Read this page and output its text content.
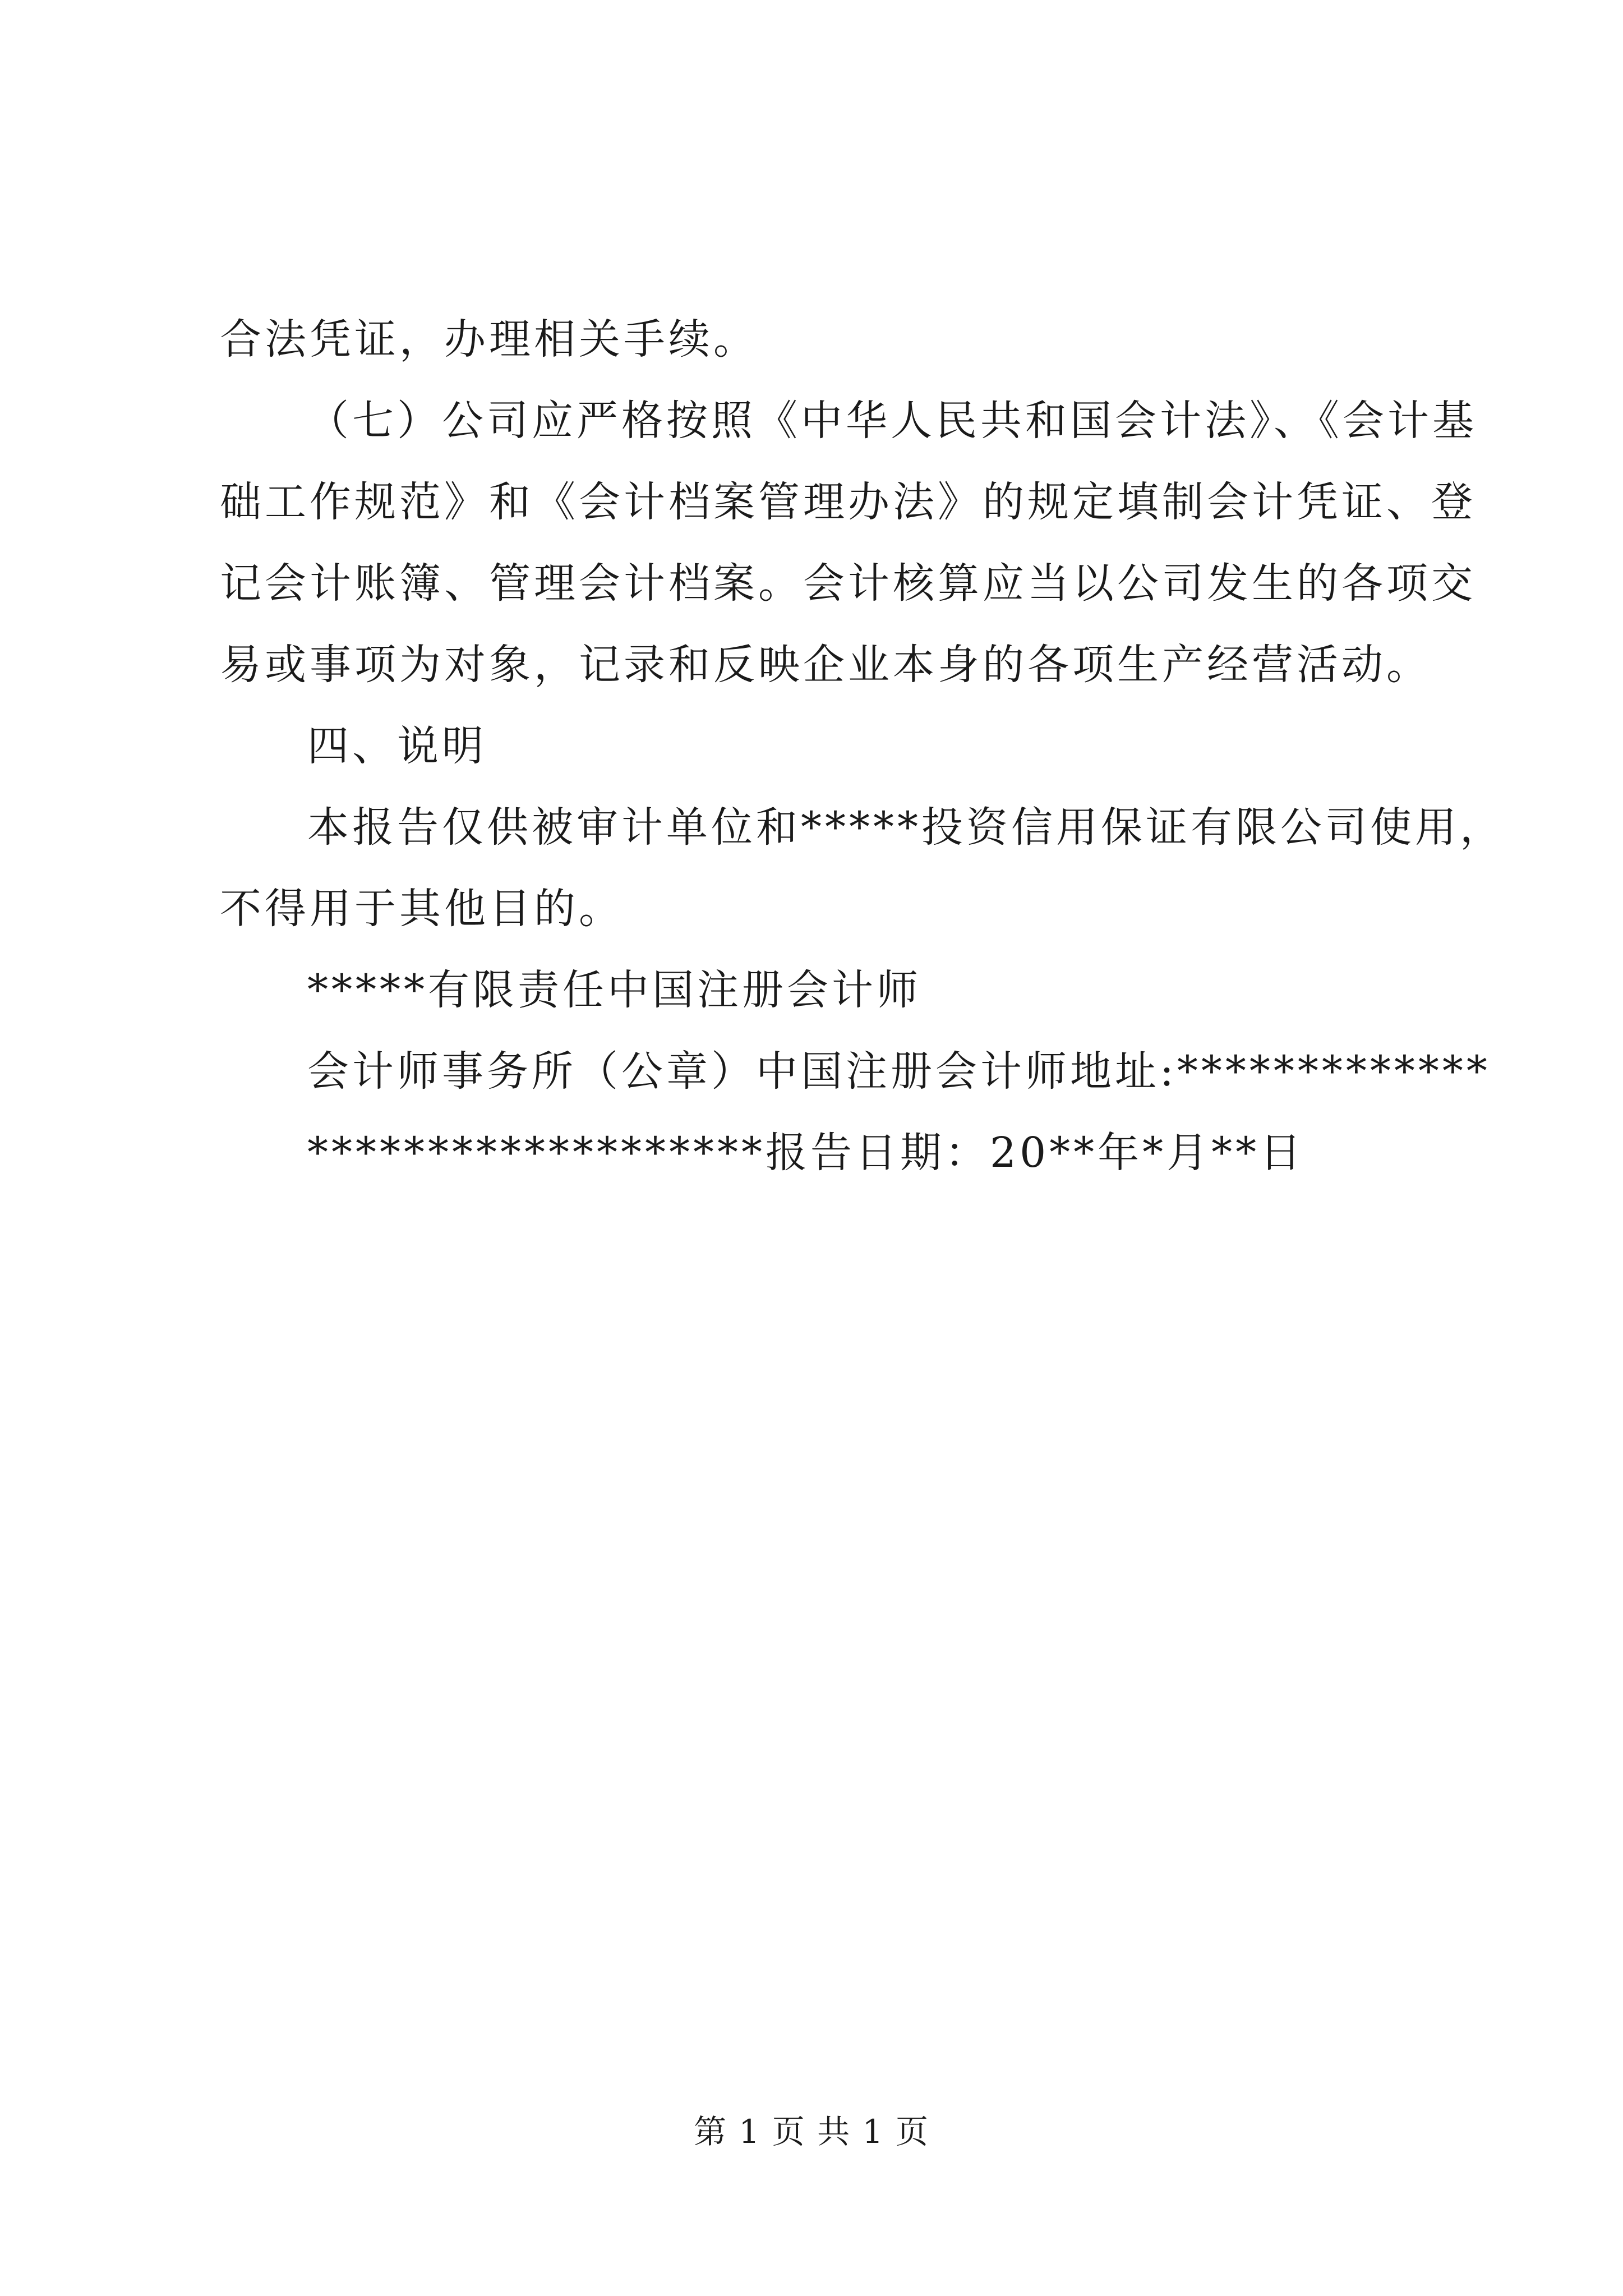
合法凭证，办理相关手续。
（七）公司应严格按照《中华人民共和国会计法》、《会计基
础工作规范》和《会计档案管理办法》的规定填制会计凭证、登
记会计账簿、管理会计档案。会计核算应当以公司发生的各项交
易或事项为对象，记录和反映企业本身的各项生产经营活动。
四、说明
本报告仅供被审计单位和*****投资信用保证有限公司使用，
不得用于其他目的。
*****有限责任中国注册会计师
会计师事务所（公章）中国注册会计师地址:*************
*******************报告日期：20**年*月**日
第 1 页 共 1 页
